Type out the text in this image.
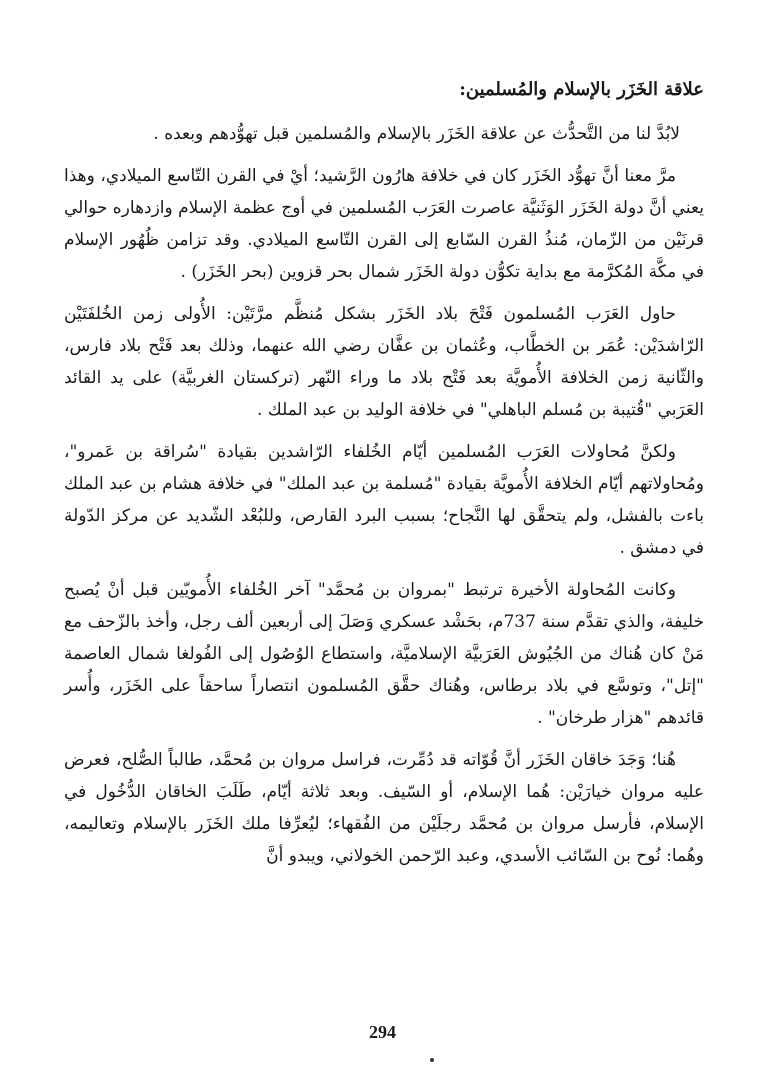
علاقة الخَزَر بالإسلام والمُسلمين:

لابُدَّ لنا من التَّحدُّث عن علاقة الخَزَر بالإسلام والمُسلمين قبل تهوُّدهم وبعده .

مرَّ معنا أنَّ تهوُّد الخَزَر كان في خلافة هارُون الرَّشيد؛ أيْ في القرن التّاسع الميلادي، وهذا يعني أنَّ دولة الخَزَر الوَثَنيَّة عاصرت العَرَب المُسلمين في أوج عظمة الإسلام وازدهاره حوالي قرنَيْن من الزّمان، مُنذُ القرن السّابع إلى القرن التّاسع الميلادي. وقد تزامن ظُهُور الإسلام في مكَّة المُكرَّمة مع بداية تكوُّن دولة الخَزَر شمال بحر قزوين (بحر الخَزَر) .

حاول العَرَب المُسلمون فَتْحَ بلاد الخَزَر بشكل مُنظَّم مرَّتَيْن: الأُولى زمن الخُلفَتَيْن الرّاشدَيْن: عُمَر بن الخطَّاب، وعُثمان بن عفَّان رضي الله عنهما، وذلك بعد فَتْح بلاد فارس، والثّانية زمن الخلافة الأُمويَّة بعد فَتْح بلاد ما وراء النّهر (تركستان الغربيَّة) على يد القائد العَرَبي "قُتيبة بن مُسلم الباهلي" في خلافة الوليد بن عبد الملك .

ولكنَّ مُحاولات العَرَب المُسلمين أيّام الخُلفاء الرّاشدين بقيادة "سُراقة بن عَمرو"، ومُحاولاتهم أيّام الخلافة الأُمويَّة بقيادة "مُسلمة بن عبد الملك" في خلافة هشام بن عبد الملك باءت بالفشل، ولم يتحقَّق لها النَّجاح؛ بسبب البرد القارص، وللبُعْد الشّديد عن مركز الدّولة في دمشق .

وكانت المُحاولة الأخيرة ترتبط "بمروان بن مُحمَّد" آخر الخُلفاء الأُمويّين قبل أنْ يُصبح خليفة، والذي تقدَّم سنة 737م، بحَشْد عسكري وَصَلَ إلى أربعين ألف رجل، وأخذ بالزّحف مع مَنْ كان هُناك من الجُيُوش العَرَبيَّة الإسلاميَّة، واستطاع الوُصُول إلى الفُولغا شمال العاصمة "إتل"، وتوسَّع في بلاد برطاس، وهُناك حقَّق المُسلمون انتصاراً ساحقاً على الخَزَر، وأُسر قائدهم "هزار طرخان" .

هُنا؛ وَجَدَ خاقان الخَزَر أنَّ قُوّاته قد دُمِّرت، فراسل مروان بن مُحمَّد، طالباً الصُّلح، فعرض عليه مروان خيارَيْن: هُما الإسلام، أو السّيف. وبعد ثلاثة أيّام، طَلَبَ الخاقان الدُّخُول في الإسلام، فأرسل مروان بن مُحمَّد رجلَيْن من الفُقهاء؛ ليُعرِّفا ملك الخَزَر بالإسلام وتعاليمه، وهُما: نُوح بن السّائب الأسدي، وعبد الرّحمن الخولاني، ويبدو أنَّ

294
